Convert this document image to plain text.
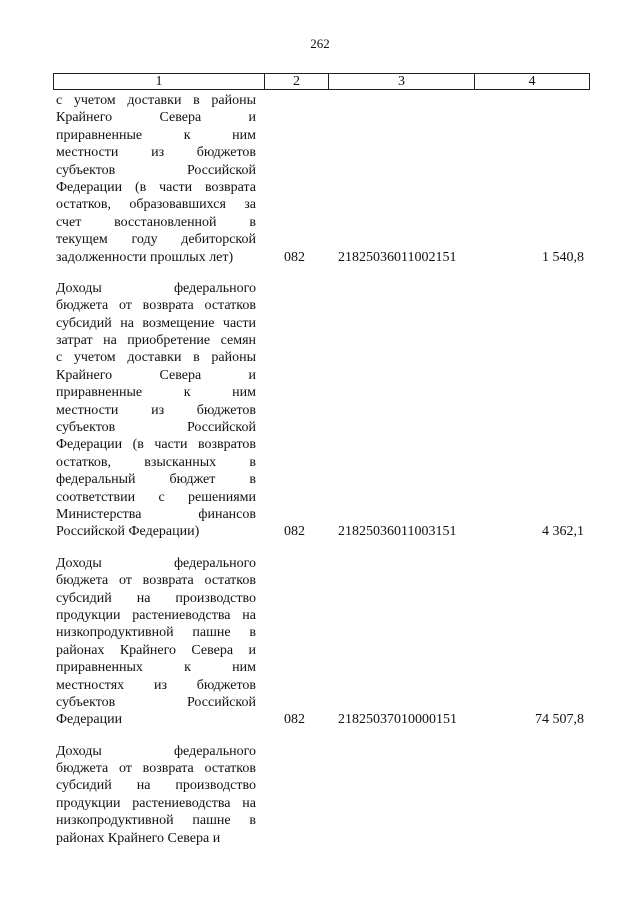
262
1	2	3	4
с учетом доставки в районы
Крайнего Севера и
приравненные к ним
местности из бюджетов
субъектов Российской
Федерации (в части возврата
остатков, образовавшихся за
счет восстановленной в
текущем году дебиторской
задолженности прошлых лет)	082 21825036011002151	1 540,8
Доходы федерального
бюджета от возврата остатков
субсидий на возмещение части
затрат на приобретение семян
с учетом доставки в районы
Крайнего Севера и
приравненные к ним
местности из бюджетов
субъектов Российской
Федерации (в части возвратов
остатков, взысканных в
федеральный бюджет в
соответствии с решениями
Министерства финансов
Российской Федерации)	082 21825036011003151	4 362,1
Доходы федерального
бюджета от возврата остатков
субсидий на производство
продукции растениеводства на
низкопродуктивной пашне в
районах Крайнего Севера и
приравненных к ним
местностях из бюджетов
субъектов Российской
Федерации	082 21825037010000151	74 507,8
Доходы федерального
бюджета от возврата остатков
субсидий на производство
продукции растениеводства на
низкопродуктивной пашне в
районах Крайнего Севера и
